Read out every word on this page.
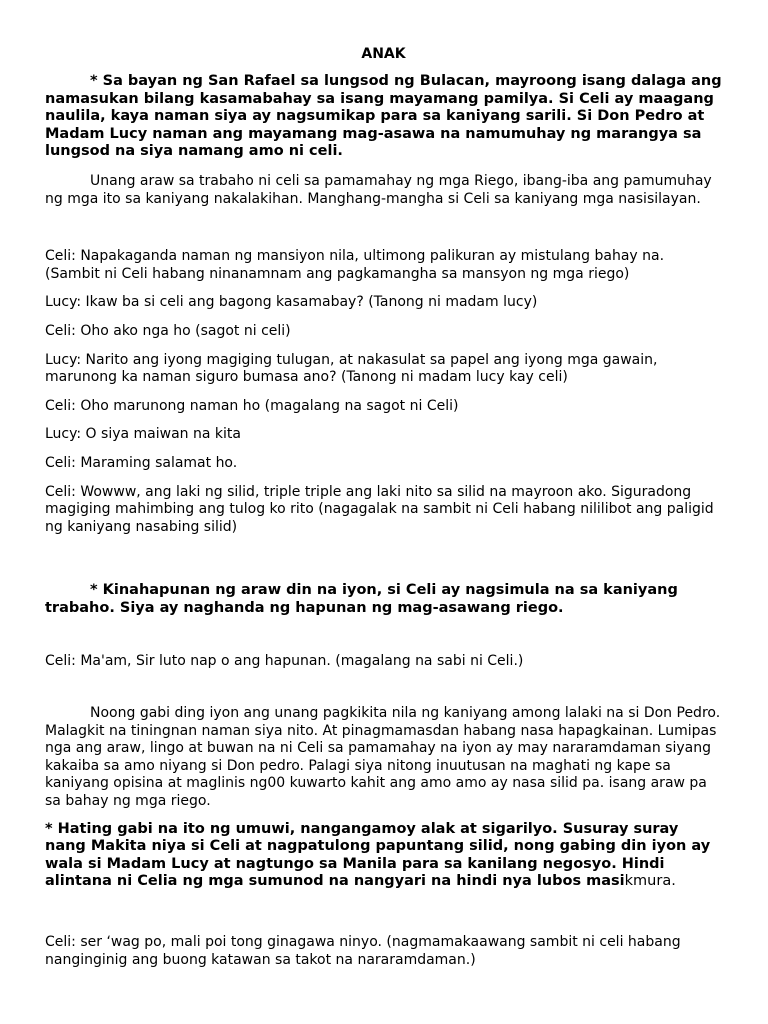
ANAK

* Sa bayan ng San Rafael sa lungsod ng Bulacan, mayroong isang dalaga ang namasukan bilang kasamabahay sa isang mayamang pamilya. Si Celi ay maagang naulila, kaya naman siya ay nagsumikap para sa kaniyang sarili. Si Don Pedro at Madam Lucy naman ang mayamang mag-asawa na namumuhay ng marangya sa lungsod na siya namang amo ni celi.

Unang araw sa trabaho ni celi sa pamamahay ng mga Riego, ibang-iba ang pamumuhay ng mga ito sa kaniyang nakalakihan. Manghang-mangha si Celi sa kaniyang mga nasisilayan.

Celi: Napakaganda naman ng mansiyon nila, ultimong palikuran ay mistulang bahay na. (Sambit ni Celi habang ninanamnam ang pagkamangha sa mansyon ng mga riego)

Lucy: Ikaw ba si celi ang bagong kasamabay? (Tanong ni madam lucy)

Celi: Oho ako nga ho (sagot ni celi)

Lucy: Narito ang iyong magiging tulugan, at nakasulat sa papel ang iyong mga gawain, marunong ka naman siguro bumasa ano? (Tanong ni madam lucy kay celi)

Celi: Oho marunong naman ho (magalang na sagot ni Celi)

Lucy: O siya maiwan na kita

Celi: Maraming salamat ho.

Celi: Wowww, ang laki ng silid, triple triple ang laki nito sa silid na mayroon ako. Siguradong magiging mahimbing ang tulog ko rito (nagagalak na sambit ni Celi habang nililibot ang paligid ng kaniyang nasabing silid)

* Kinahapunan ng araw din na iyon, si Celi ay nagsimula na sa kaniyang trabaho. Siya ay naghanda ng hapunan ng mag-asawang riego.

Celi: Ma'am, Sir luto nap o ang hapunan. (magalang na sabi ni Celi.)

Noong gabi ding iyon ang unang pagkikita nila ng kaniyang among lalaki na si Don Pedro. Malagkit na tiningnan naman siya nito. At pinagmamasdan habang nasa hapagkainan. Lumipas nga ang araw, lingo at buwan na ni Celi sa pamamahay na iyon ay may nararamdaman siyang kakaiba sa amo niyang si Don pedro. Palagi siya nitong inuutusan na maghati ng kape sa kaniyang opisina at maglinis ng00 kuwarto kahit ang amo amo ay nasa silid pa. isang araw pa sa bahay ng mga riego.

* Hating gabi na ito ng umuwi, nangangamoy alak at sigarilyo. Susuray suray nang Makita niya si Celi at nagpatulong papuntang silid, nong gabing din iyon ay wala si Madam Lucy at nagtungo sa Manila para sa kanilang negosyo. Hindi alintana ni Celia ng mga sumunod na nangyari na hindi nya lubos masikmura.

Celi: ser ‘wag po, mali poi tong ginagawa ninyo. (nagmamakaawang sambit ni celi habang nanginginig ang buong katawan sa takot na nararamdaman.)
